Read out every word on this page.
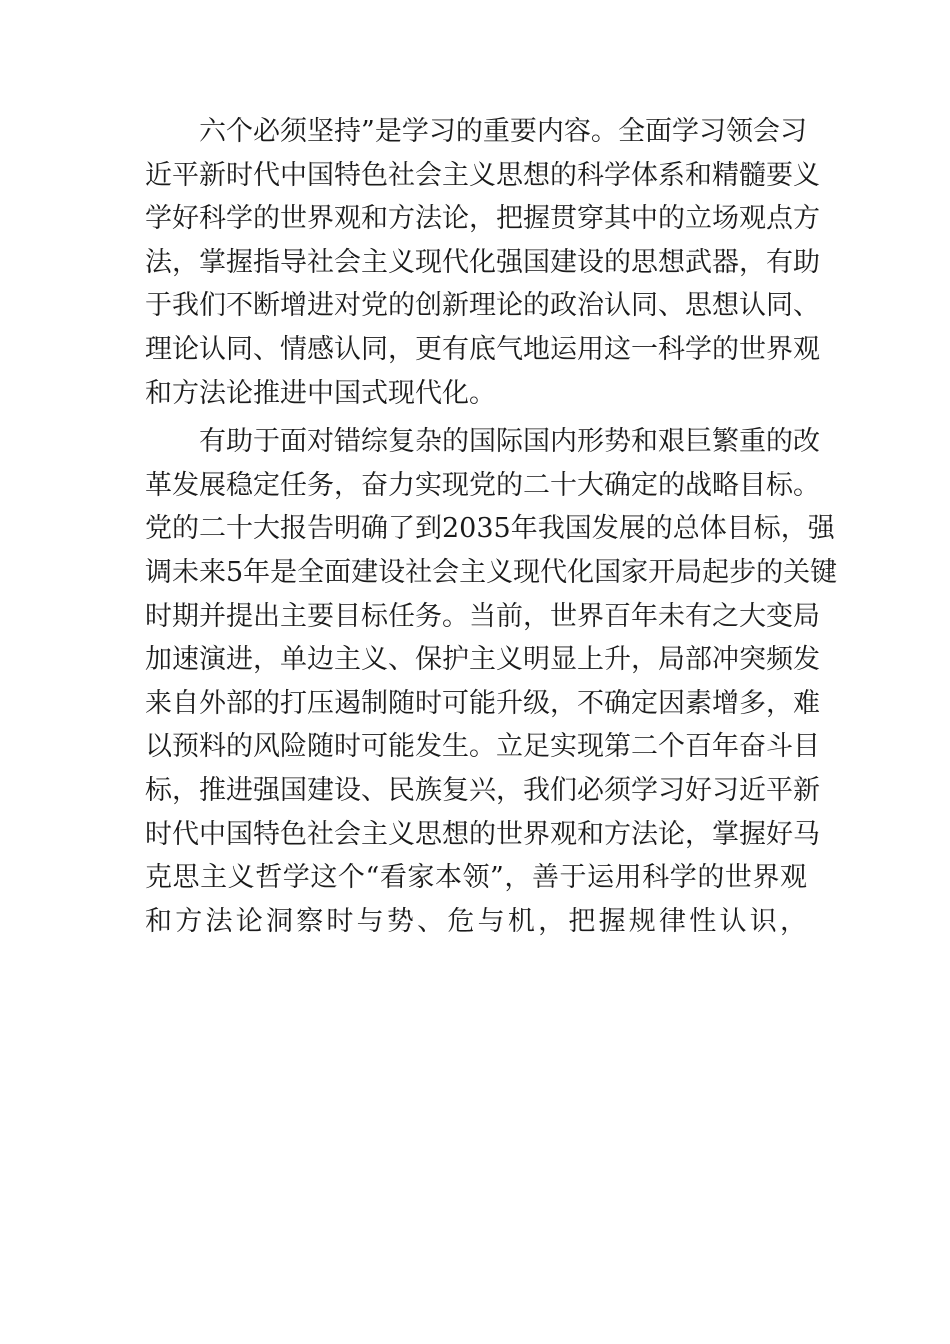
六个必须坚持”是学习的重要内容。全面学习领会习
近平新时代中国特色社会主义思想的科学体系和精髓要义
学好科学的世界观和方法论，把握贯穿其中的立场观点方
法，掌握指导社会主义现代化强国建设的思想武器，有助
于我们不断增进对党的创新理论的政治认同、思想认同、
理论认同、情感认同，更有底气地运用这一科学的世界观
和方法论推进中国式现代化。
有助于面对错综复杂的国际国内形势和艰巨繁重的改
革发展稳定任务，奋力实现党的二十大确定的战略目标。
党的二十大报告明确了到2035年我国发展的总体目标，强
调未来5年是全面建设社会主义现代化国家开局起步的关键
时期并提出主要目标任务。当前，世界百年未有之大变局
加速演进，单边主义、保护主义明显上升，局部冲突频发
来自外部的打压遏制随时可能升级，不确定因素增多，难
以预料的风险随时可能发生。立足实现第二个百年奋斗目
标，推进强国建设、民族复兴，我们必须学习好习近平新
时代中国特色社会主义思想的世界观和方法论，掌握好马
克思主义哲学这个“看家本领”，善于运用科学的世界观
和方法论洞察时与势、危与机，把握规律性认识，
